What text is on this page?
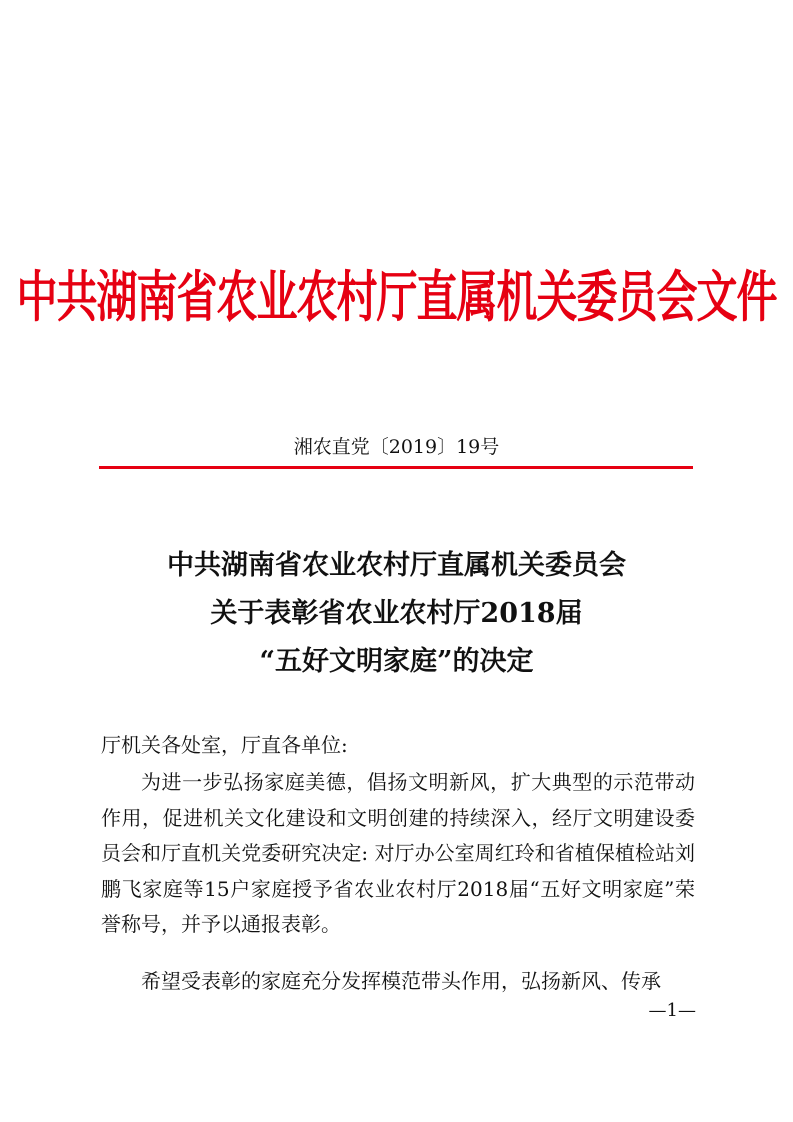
中共湖南省农业农村厅直属机关委员会文件
湘农直党〔2019〕19号
中共湖南省农业农村厅直属机关委员会
关于表彰省农业农村厅2018届
“五好文明家庭”的决定
厅机关各处室，厅直各单位:

为进一步弘扬家庭美德，倡扬文明新风，扩大典型的示范带动作用，促进机关文化建设和文明创建的持续深入，经厅文明建设委员会和厅直机关党委研究决定: 对厅办公室周红玲和省植保植检站刘鹏飞家庭等15户家庭授予省农业农村厅2018届“五好文明家庭”荣誉称号，并予以通报表彰。

希望受表彰的家庭充分发挥模范带头作用，弘扬新风、传承

—1—
